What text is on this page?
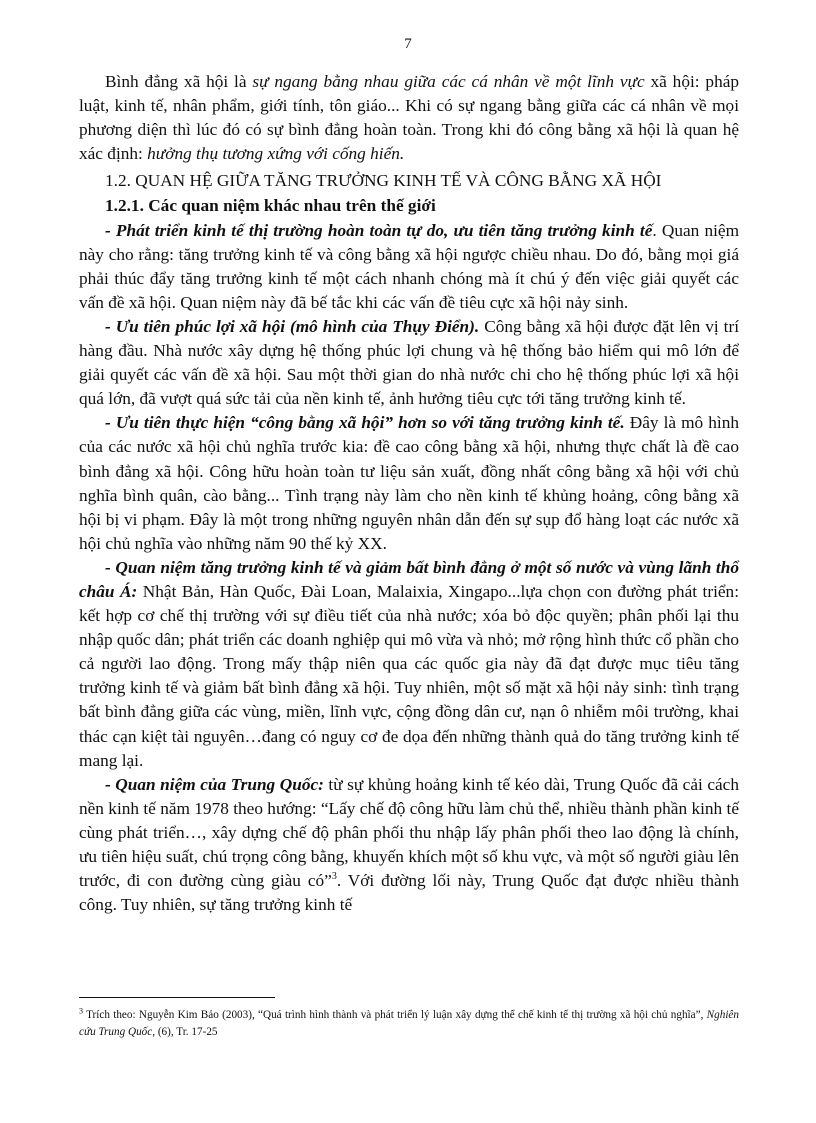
7

Bình đẳng xã hội là sự ngang bằng nhau giữa các cá nhân về một lĩnh vực xã hội: pháp luật, kinh tế, nhân phẩm, giới tính, tôn giáo... Khi có sự ngang bằng giữa các cá nhân về mọi phương diện thì lúc đó có sự bình đẳng hoàn toàn. Trong khi đó công bằng xã hội là quan hệ xác định: hưởng thụ tương xứng với cống hiến.

1.2. QUAN HỆ GIỮA TĂNG TRƯỞNG KINH TẾ VÀ CÔNG BẰNG XÃ HỘI

1.2.1. Các quan niệm khác nhau trên thế giới

- Phát triển kinh tế thị trường hoàn toàn tự do, ưu tiên tăng trưởng kinh tế. Quan niệm này cho rằng: tăng trưởng kinh tế và công bằng xã hội ngược chiều nhau. Do đó, bằng mọi giá phải thúc đẩy tăng trưởng kinh tế một cách nhanh chóng mà ít chú ý đến việc giải quyết các vấn đề xã hội. Quan niệm này đã bế tắc khi các vấn đề tiêu cực xã hội nảy sinh.

- Ưu tiên phúc lợi xã hội (mô hình của Thụy Điển). Công bằng xã hội được đặt lên vị trí hàng đầu. Nhà nước xây dựng hệ thống phúc lợi chung và hệ thống bảo hiểm qui mô lớn để giải quyết các vấn đề xã hội. Sau một thời gian do nhà nước chi cho hệ thống phúc lợi xã hội quá lớn, đã vượt quá sức tải của nền kinh tế, ảnh hưởng tiêu cực tới tăng trưởng kinh tế.

- Ưu tiên thực hiện “công bằng xã hội” hơn so với tăng trưởng kinh tế. Đây là mô hình của các nước xã hội chủ nghĩa trước kia: đề cao công bằng xã hội, nhưng thực chất là đề cao bình đẳng xã hội. Công hữu hoàn toàn tư liệu sản xuất, đồng nhất công bằng xã hội với chủ nghĩa bình quân, cào bằng... Tình trạng này làm cho nền kinh tế khủng hoảng, công bằng xã hội bị vi phạm. Đây là một trong những nguyên nhân dẫn đến sự sụp đổ hàng loạt các nước xã hội chủ nghĩa vào những năm 90 thế kỷ XX.

- Quan niệm tăng trưởng kinh tế và giảm bất bình đẳng ở một số nước và vùng lãnh thổ châu Á: Nhật Bản, Hàn Quốc, Đài Loan, Malaixia, Xingapo...lựa chọn con đường phát triển: kết hợp cơ chế thị trường với sự điều tiết của nhà nước; xóa bỏ độc quyền; phân phối lại thu nhập quốc dân; phát triển các doanh nghiệp qui mô vừa và nhỏ; mở rộng hình thức cổ phần cho cả người lao động. Trong mấy thập niên qua các quốc gia này đã đạt được mục tiêu tăng trưởng kinh tế và giảm bất bình đẳng xã hội. Tuy nhiên, một số mặt xã hội nảy sinh: tình trạng bất bình đẳng giữa các vùng, miền, lĩnh vực, cộng đồng dân cư, nạn ô nhiễm môi trường, khai thác cạn kiệt tài nguyên…đang có nguy cơ đe dọa đến những thành quả do tăng trưởng kinh tế mang lại.

- Quan niệm của Trung Quốc: từ sự khủng hoảng kinh tế kéo dài, Trung Quốc đã cải cách nền kinh tế năm 1978 theo hướng: “Lấy chế độ công hữu làm chủ thể, nhiều thành phần kinh tế cùng phát triển…, xây dựng chế độ phân phối thu nhập lấy phân phối theo lao động là chính, ưu tiên hiệu suất, chú trọng công bằng, khuyến khích một số khu vực, và một số người giàu lên trước, đi con đường cùng giàu có”$^3$. Với đường lối này, Trung Quốc đạt được nhiều thành công. Tuy nhiên, sự tăng trưởng kinh tế

$^3$ Trích theo: Nguyễn Kim Bảo (2003), “Quá trình hình thành và phát triển lý luận xây dựng thể chế kinh tế thị trường xã hội chủ nghĩa”, Nghiên cứu Trung Quốc, (6), Tr. 17-25
